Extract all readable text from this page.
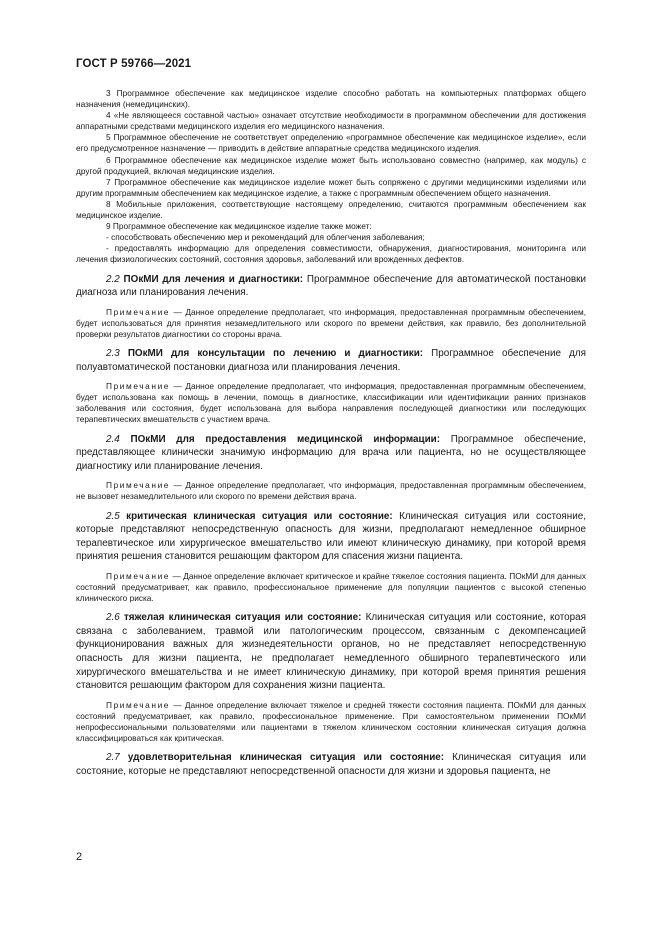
ГОСТ Р 59766—2021

3 Программное обеспечение как медицинское изделие способно работать на компьютерных платформах общего назначения (немедицинских).

4 «Не являющееся составной частью» означает отсутствие необходимости в программном обеспечении для достижения аппаратными средствами медицинского изделия его медицинского назначения.

5 Программное обеспечение не соответствует определению «программное обеспечение как медицинское изделие», если его предусмотренное назначение — приводить в действие аппаратные средства медицинского изделия.

6 Программное обеспечение как медицинское изделие может быть использовано совместно (например, как модуль) с другой продукцией, включая медицинские изделия.

7 Программное обеспечение как медицинское изделие может быть сопряжено с другими медицинскими изделиями или другим программным обеспечением как медицинское изделие, а также с программным обеспечением общего назначения.

8 Мобильные приложения, соответствующие настоящему определению, считаются программным обеспечением как медицинское изделие.

9 Программное обеспечение как медицинское изделие также может:

- способствовать обеспечению мер и рекомендаций для облегчения заболевания;

- предоставлять информацию для определения совместимости, обнаружения, диагностирования, мониторинга или лечения физиологических состояний, состояния здоровья, заболеваний или врожденных дефектов.

2.2 ПОкМИ для лечения и диагностики: Программное обеспечение для автоматической постановки диагноза или планирования лечения.

Примечание — Данное определение предполагает, что информация, предоставленная программным обеспечением, будет использоваться для принятия незамедлительного или скорого по времени действия, как правило, без дополнительной проверки результатов диагностики со стороны врача.

2.3 ПОкМИ для консультации по лечению и диагностики: Программное обеспечение для полуавтоматической постановки диагноза или планирования лечения.

Примечание — Данное определение предполагает, что информация, предоставленная программным обеспечением, будет использована как помощь в лечении, помощь в диагностике, классификации или идентификации ранних признаков заболевания или состояния, будет использована для выбора направления последующей диагностики или последующих терапевтических вмешательств с участием врача.

2.4 ПОкМИ для предоставления медицинской информации: Программное обеспечение, представляющее клинически значимую информацию для врача или пациента, но не осуществляющее диагностику или планирование лечения.

Примечание — Данное определение предполагает, что информация, предоставленная программным обеспечением, не вызовет незамедлительного или скорого по времени действия врача.

2.5 критическая клиническая ситуация или состояние: Клиническая ситуация или состояние, которые представляют непосредственную опасность для жизни, предполагают немедленное обширное терапевтическое или хирургическое вмешательство или имеют клиническую динамику, при которой время принятия решения становится решающим фактором для спасения жизни пациента.

Примечание — Данное определение включает критическое и крайне тяжелое состояния пациента. ПОкМИ для данных состояний предусматривает, как правило, профессиональное применение для популяции пациентов с высокой степенью клинического риска.

2.6 тяжелая клиническая ситуация или состояние: Клиническая ситуация или состояние, которая связана с заболеванием, травмой или патологическим процессом, связанным с декомпенсацией функционирования важных для жизнедеятельности органов, но не представляет непосредственную опасность для жизни пациента, не предполагает немедленного обширного терапевтического или хирургического вмешательства и не имеет клиническую динамику, при которой время принятия решения становится решающим фактором для сохранения жизни пациента.

Примечание — Данное определение включает тяжелое и средней тяжести состояния пациента. ПОкМИ для данных состояний предусматривает, как правило, профессиональное применение. При самостоятельном применении ПОкМИ непрофессиональными пользователями или пациентами в тяжелом клиническом состоянии клиническая ситуация должна классифицироваться как критическая.

2.7 удовлетворительная клиническая ситуация или состояние: Клиническая ситуация или состояние, которые не представляют непосредственной опасности для жизни и здоровья пациента, не

2
